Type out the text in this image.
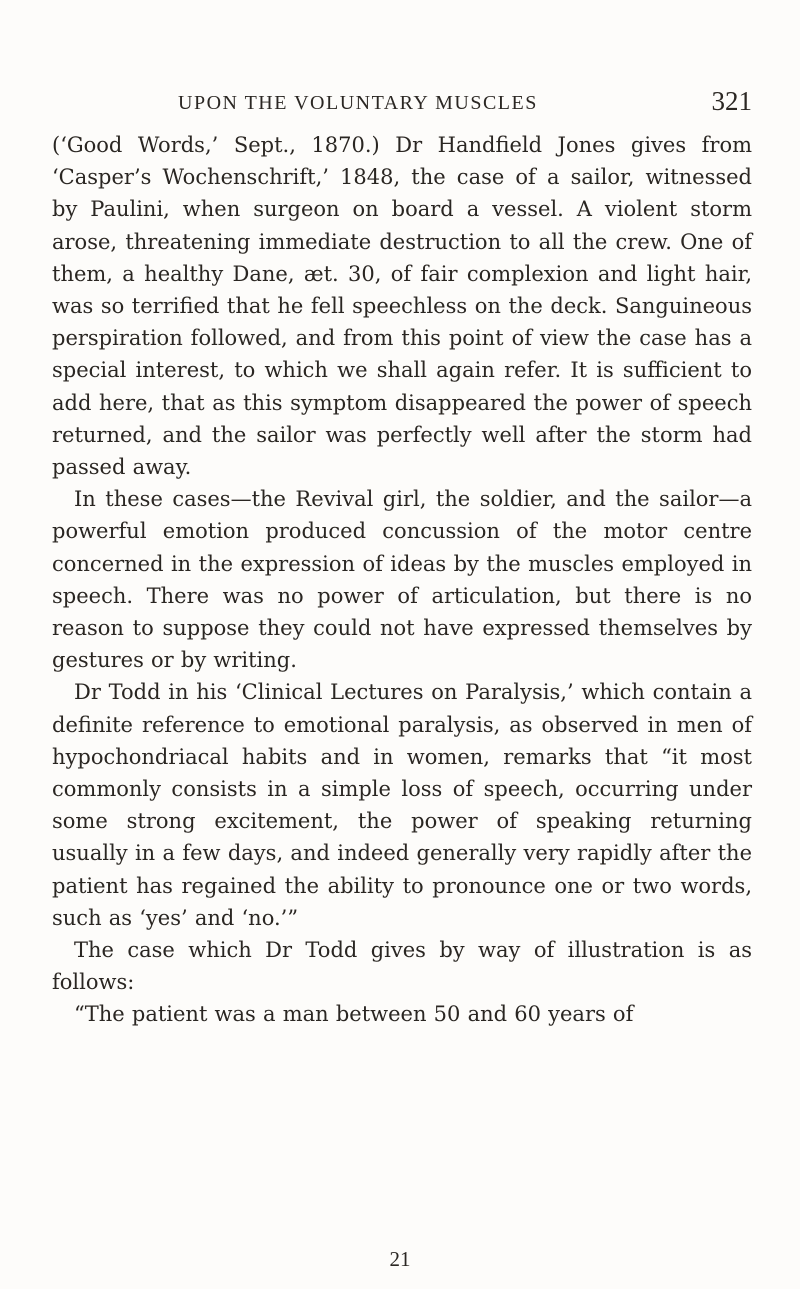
UPON THE VOLUNTARY MUSCLES	321

(‘Good Words,’ Sept., 1870.) Dr Handfield Jones gives from ‘Casper’s Wochenschrift,’ 1848, the case of a sailor, witnessed by Paulini, when surgeon on board a vessel. A violent storm arose, threatening immediate destruction to all the crew. One of them, a healthy Dane, æt. 30, of fair complexion and light hair, was so terrified that he fell speechless on the deck. Sanguineous perspiration followed, and from this point of view the case has a special interest, to which we shall again refer. It is sufficient to add here, that as this symptom disappeared the power of speech returned, and the sailor was perfectly well after the storm had passed away.

In these cases—the Revival girl, the soldier, and the sailor—a powerful emotion produced concussion of the motor centre concerned in the expression of ideas by the muscles employed in speech. There was no power of articulation, but there is no reason to suppose they could not have expressed themselves by gestures or by writing.

Dr Todd in his ‘Clinical Lectures on Paralysis,’ which contain a definite reference to emotional paralysis, as observed in men of hypochondriacal habits and in women, remarks that “it most commonly consists in a simple loss of speech, occurring under some strong excitement, the power of speaking returning usually in a few days, and indeed generally very rapidly after the patient has regained the ability to pronounce one or two words, such as ‘yes’ and ‘no.’”

The case which Dr Todd gives by way of illustration is as follows:

“The patient was a man between 50 and 60 years of

21
